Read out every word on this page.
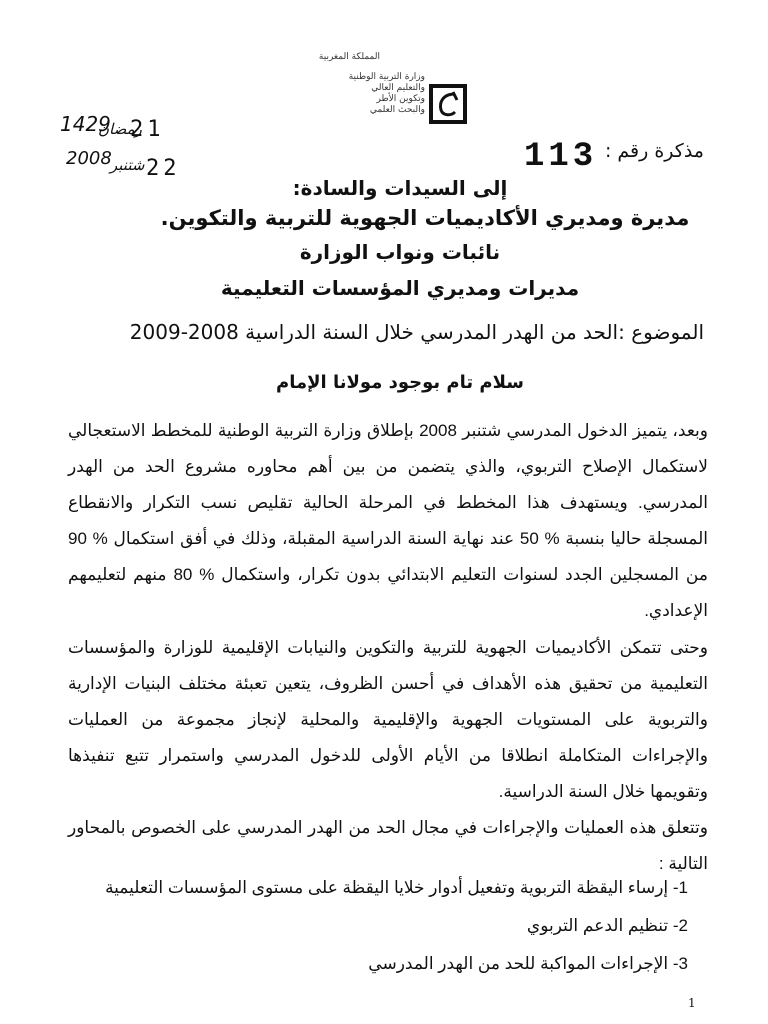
المملكة المغربية
وزارة التربية الوطنية
والتعليم العالي
وتكوين الأطر
والبحث العلمي
1429
رمضان
21
2008
شتنبر 22
مذكرة رقم :
113
إلى السيدات والسادة:
مديرة ومديري الأكاديميات الجهوية للتربية والتكوين.
نائبات ونواب الوزارة
مديرات ومديري المؤسسات التعليمية
الموضوع :الحد من الهدر المدرسي خلال السنة الدراسية 2008-2009
سلام تام بوجود مولانا الإمام
وبعد، يتميز الدخول المدرسي شتنبر 2008 بإطلاق وزارة التربية الوطنية للمخطط الاستعجالي لاستكمال الإصلاح التربوي، والذي يتضمن من بين أهم محاوره مشروع الحد من الهدر المدرسي. ويستهدف هذا المخطط في المرحلة الحالية تقليص نسب التكرار والانقطاع المسجلة حاليا بنسبة % 50 عند نهاية السنة الدراسية المقبلة، وذلك في أفق استكمال % 90 من المسجلين الجدد لسنوات التعليم الابتدائي بدون تكرار، واستكمال % 80 منهم لتعليمهم الإعدادي.
وحتى تتمكن الأكاديميات الجهوية للتربية والتكوين والنيابات الإقليمية للوزارة والمؤسسات التعليمية من تحقيق هذه الأهداف في أحسن الظروف، يتعين تعبئة مختلف البنيات الإدارية والتربوية على المستويات الجهوية والإقليمية والمحلية لإنجاز مجموعة من العمليات والإجراءات المتكاملة انطلاقا من الأيام الأولى للدخول المدرسي واستمرار تتبع تنفيذها وتقويمها خلال السنة الدراسية.
وتتعلق هذه العمليات والإجراءات في مجال الحد من الهدر المدرسي على الخصوص بالمحاور التالية :
1- إرساء اليقظة التربوية وتفعيل أدوار خلايا اليقظة على مستوى المؤسسات التعليمية
2- تنظيم الدعم التربوي
3- الإجراءات المواكبة للحد من الهدر المدرسي
1
